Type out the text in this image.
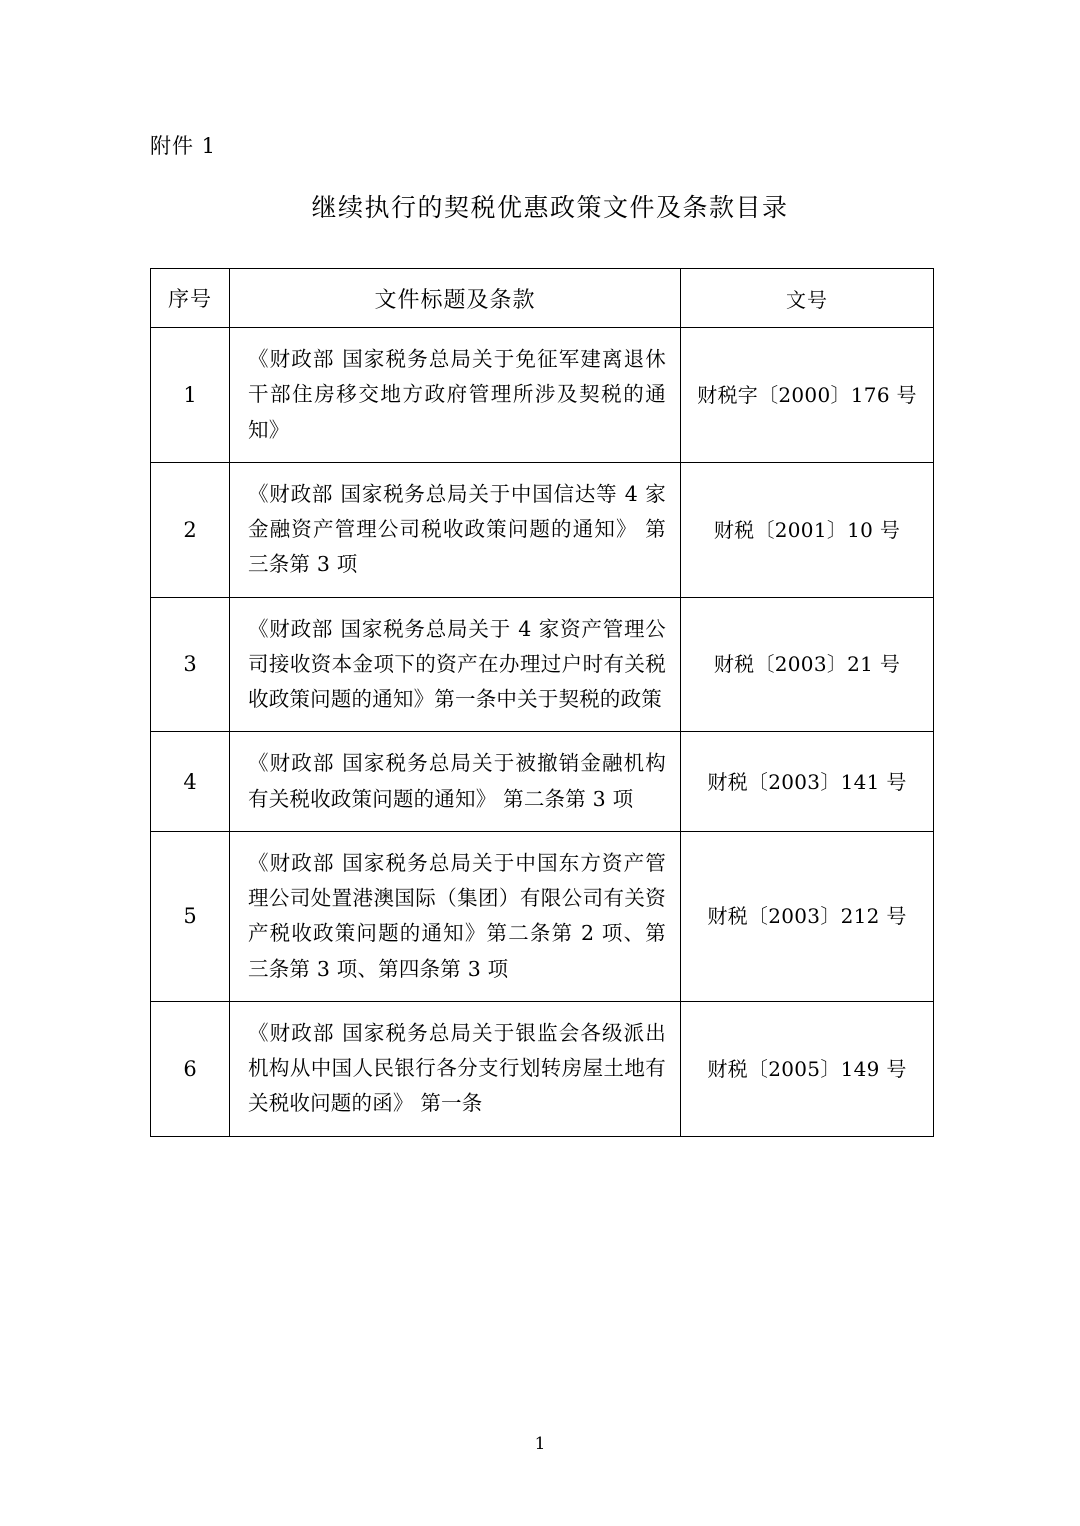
附件 1
继续执行的契税优惠政策文件及条款目录
序号	文件标题及条款	文号

1	《财政部 国家税务总局关于免征军建离退休干部住房移交地方政府管理所涉及契税的通知》	财税字〔2000〕176 号

2	《财政部 国家税务总局关于中国信达等 4 家金融资产管理公司税收政策问题的通知》 第三条第 3 项	财税〔2001〕10 号

3	《财政部 国家税务总局关于 4 家资产管理公司接收资本金项下的资产在办理过户时有关税收政策问题的通知》第一条中关于契税的政策	财税〔2003〕21 号

4	《财政部 国家税务总局关于被撤销金融机构有关税收政策问题的通知》 第二条第 3 项	财税〔2003〕141 号

5	《财政部 国家税务总局关于中国东方资产管理公司处置港澳国际（集团）有限公司有关资产税收政策问题的通知》第二条第 2 项、第三条第 3 项、第四条第 3 项	财税〔2003〕212 号

6	《财政部 国家税务总局关于银监会各级派出机构从中国人民银行各分支行划转房屋土地有关税收问题的函》 第一条	财税〔2005〕149 号
1
